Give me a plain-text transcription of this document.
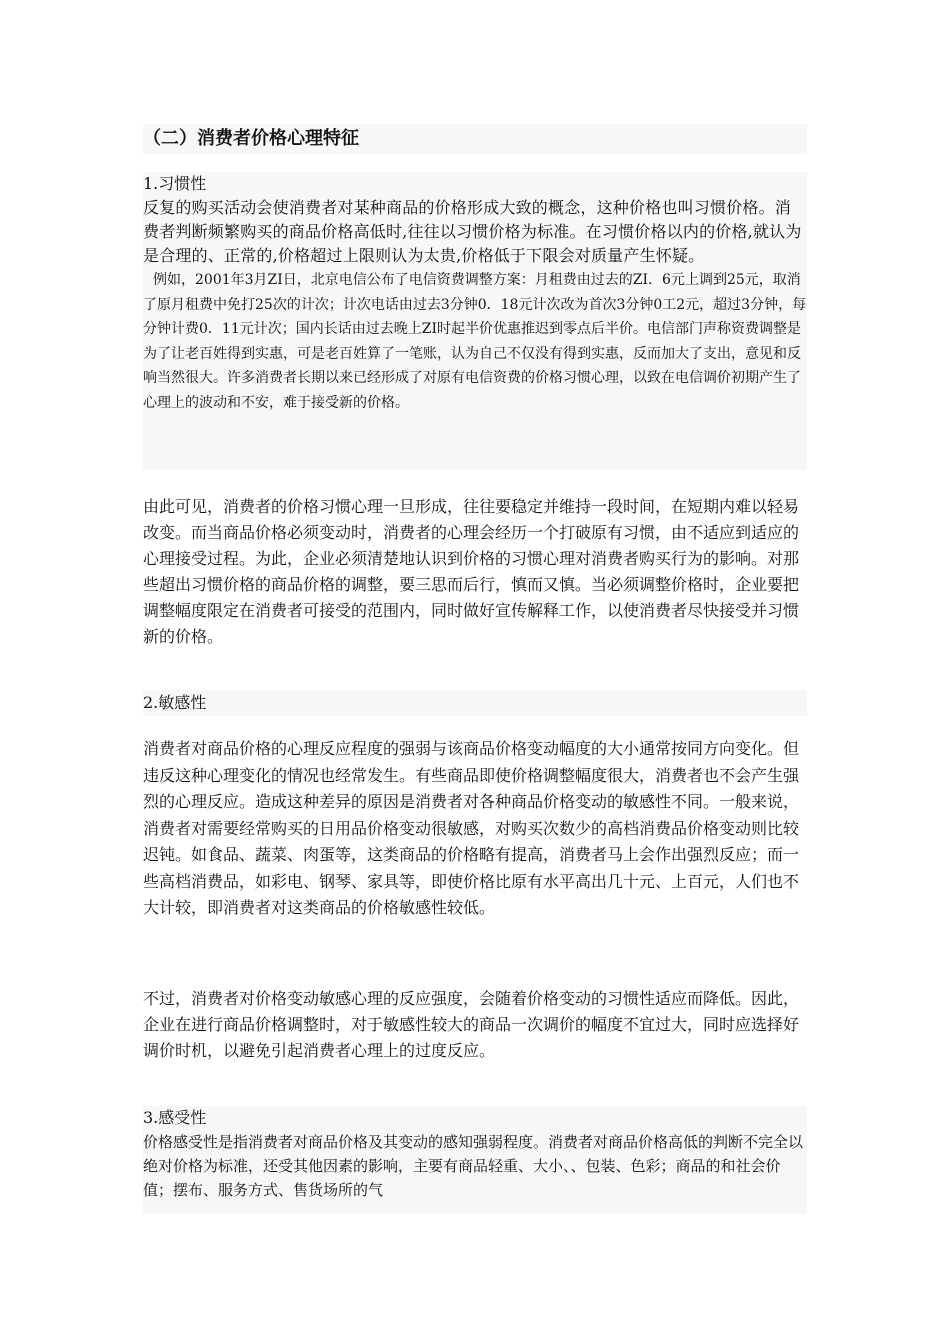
（二）消费者价格心理特征

1.习惯性

反复的购买活动会使消费者对某种商品的价格形成大致的概念，这种价格也叫习惯价格。消费者判断频繁购买的商品价格高低时,往往以习惯价格为标准。在习惯价格以内的价格,就认为是合理的、正常的,价格超过上限则认为太贵,价格低于下限会对质量产生怀疑。

例如，2001年3月ZI日，北京电信公布了电信资费调整方案：月租费由过去的ZI．6元上调到25元，取消了原月租费中免打25次的计次；计次电话由过去3分钟0．18元计次改为首次3分钟0工2元，超过3分钟，每分钟计费0．11元计次；国内长话由过去晚上ZI时起半价优惠推迟到零点后半价。电信部门声称资费调整是为了让老百姓得到实惠，可是老百姓算了一笔账，认为自己不仅没有得到实惠，反而加大了支出，意见和反响当然很大。许多消费者长期以来已经形成了对原有电信资费的价格习惯心理，以致在电信调价初期产生了心理上的波动和不安，难于接受新的价格。

由此可见，消费者的价格习惯心理一旦形成，往往要稳定并维持一段时间，在短期内难以轻易改变。而当商品价格必须变动时，消费者的心理会经历一个打破原有习惯，由不适应到适应的心理接受过程。为此，企业必须清楚地认识到价格的习惯心理对消费者购买行为的影响。对那些超出习惯价格的商品价格的调整，要三思而后行，慎而又慎。当必须调整价格时，企业要把调整幅度限定在消费者可接受的范围内，同时做好宣传解释工作，以使消费者尽快接受并习惯新的价格。
2.敏感性
消费者对商品价格的心理反应程度的强弱与该商品价格变动幅度的大小通常按同方向变化。但违反这种心理变化的情况也经常发生。有些商品即使价格调整幅度很大，消费者也不会产生强烈的心理反应。造成这种差异的原因是消费者对各种商品价格变动的敏感性不同。一般来说，消费者对需要经常购买的日用品价格变动很敏感，对购买次数少的高档消费品价格变动则比较迟钝。如食品、蔬菜、肉蛋等，这类商品的价格略有提高，消费者马上会作出强烈反应；而一些高档消费品，如彩电、钢琴、家具等，即使价格比原有水平高出几十元、上百元，人们也不大计较，即消费者对这类商品的价格敏感性较低。
不过，消费者对价格变动敏感心理的反应强度，会随着价格变动的习惯性适应而降低。因此，企业在进行商品价格调整时，对于敏感性较大的商品一次调价的幅度不宜过大，同时应选择好调价时机，以避免引起消费者心理上的过度反应。

3.感受性

价格感受性是指消费者对商品价格及其变动的感知强弱程度。消费者对商品价格高低的判断不完全以绝对价格为标准，还受其他因素的影响，主要有商品轻重、大小、、包装、色彩；商品的和社会价值；摆布、服务方式、售货场所的气
